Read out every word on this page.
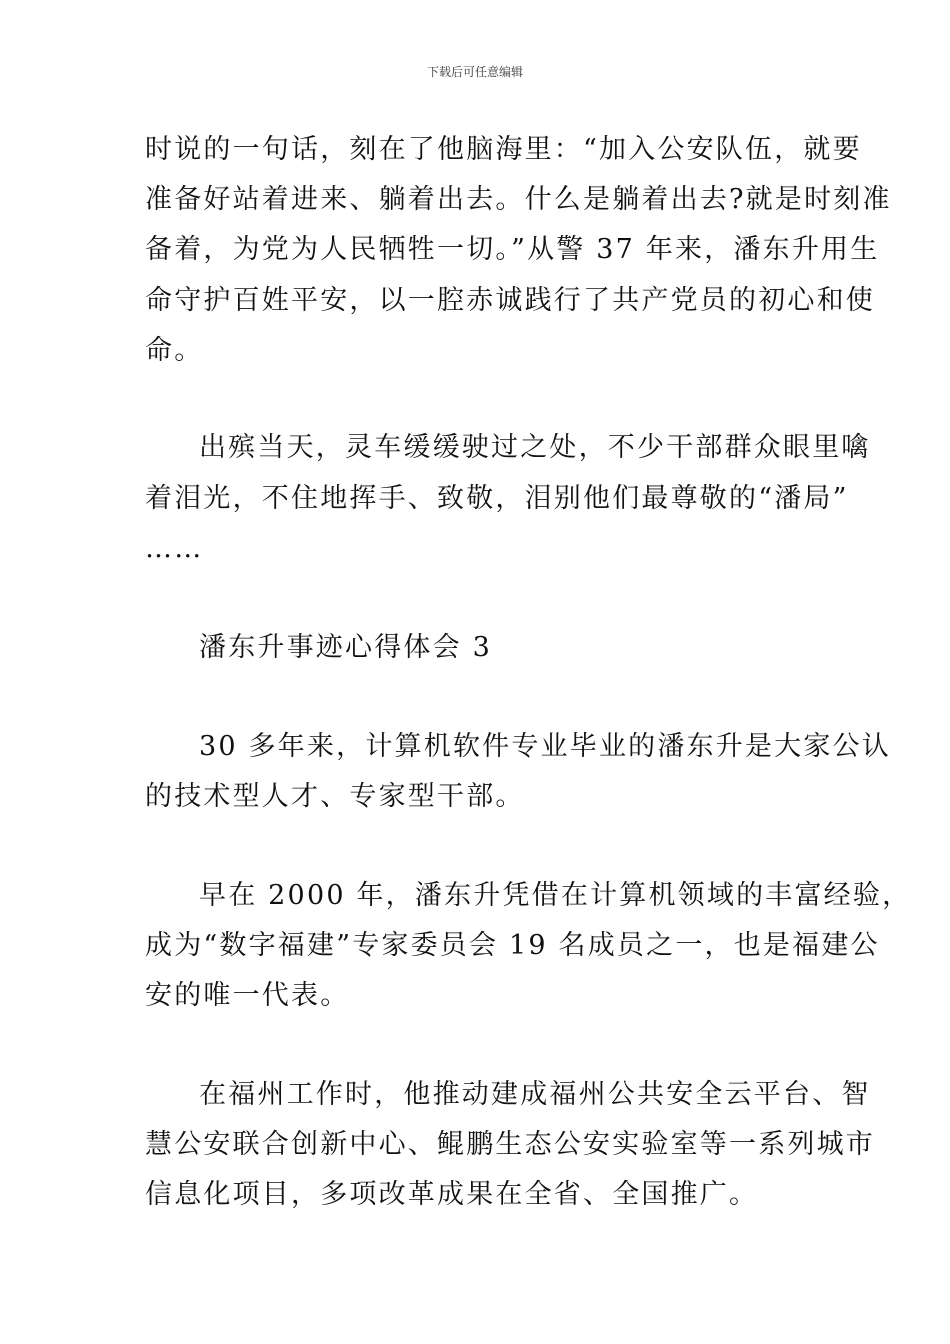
下载后可任意编辑
时说的一句话，刻在了他脑海里：“加入公安队伍，就要
准备好站着进来、躺着出去。什么是躺着出去?就是时刻准
备着，为党为人民牺牲一切。”从警 37 年来，潘东升用生
命守护百姓平安，以一腔赤诚践行了共产党员的初心和使
命。
出殡当天，灵车缓缓驶过之处，不少干部群众眼里噙
着泪光，不住地挥手、致敬，泪别他们最尊敬的“潘局”
……
潘东升事迹心得体会 3
30 多年来，计算机软件专业毕业的潘东升是大家公认
的技术型人才、专家型干部。
早在 2000 年，潘东升凭借在计算机领域的丰富经验，
成为“数字福建”专家委员会 19 名成员之一，也是福建公
安的唯一代表。
在福州工作时，他推动建成福州公共安全云平台、智
慧公安联合创新中心、鲲鹏生态公安实验室等一系列城市
信息化项目，多项改革成果在全省、全国推广。
